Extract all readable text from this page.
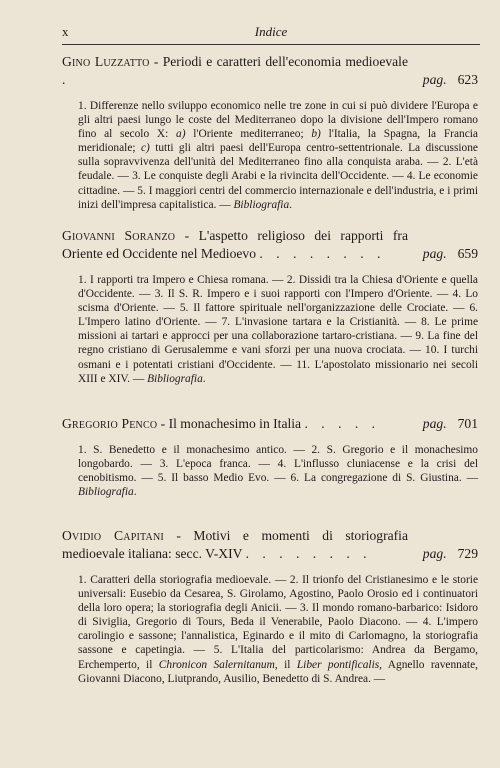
x	Indice
Gino Luzzatto - Periodi e caratteri dell'economia medioevale .	pag. 623
1. Differenze nello sviluppo economico nelle tre zone in cui si può dividere l'Europa e gli altri paesi lungo le coste del Mediterraneo dopo la divisione dell'Impero romano fino al secolo X: a) l'Oriente mediterraneo; b) l'Italia, la Spagna, la Francia meridionale; c) tutti gli altri paesi dell'Europa centro-settentrionale. La discussione sulla sopravvivenza dell'unità del Mediterraneo fino alla conquista araba. — 2. L'età feudale. — 3. Le conquiste degli Arabi e la rivincita dell'Occidente. — 4. Le economie cittadine. — 5. I maggiori centri del commercio internazionale e dell'industria, e i primi inizi dell'impresa capitalistica. — Bibliografia.
Giovanni Soranzo - L'aspetto religioso dei rapporti fra Oriente ed Occidente nel Medioevo . . . . . . . .	pag. 659
1. I rapporti tra Impero e Chiesa romana. — 2. Dissidi tra la Chiesa d'Oriente e quella d'Occidente. — 3. Il S. R. Impero e i suoi rapporti con l'Impero d'Oriente. — 4. Lo scisma d'Oriente. — 5. Il fattore spirituale nell'organizzazione delle Crociate. — 6. L'Impero latino d'Oriente. — 7. L'invasione tartara e la Cristianità. — 8. Le prime missioni ai tartari e approcci per una collaborazione tartaro-cristiana. — 9. La fine del regno cristiano di Gerusalemme e vani sforzi per una nuova crociata. — 10. I turchi osmani e i potentati cristiani d'Occidente. — 11. L'apostolato missionario nei secoli XIII e XIV. — Bibliografia.
Gregorio Penco - Il monachesimo in Italia . . . . .	pag. 701
1. S. Benedetto e il monachesimo antico. — 2. S. Gregorio e il monachesimo longobardo. — 3. L'epoca franca. — 4. L'influsso cluniacense e la crisi del cenobitismo. — 5. Il basso Medio Evo. — 6. La congregazione di S. Giustina. — Bibliografia.
Ovidio Capitani - Motivi e momenti di storiografia medioevale italiana: secc. V-XIV . . . . . . . .	pag. 729
1. Caratteri della storiografia medioevale. — 2. Il trionfo del Cristianesimo e le storie universali: Eusebio da Cesarea, S. Girolamo, Agostino, Paolo Orosio ed i continuatori della loro opera; la storiografia degli Anicii. — 3. Il mondo romano-barbarico: Isidoro di Siviglia, Gregorio di Tours, Beda il Venerabile, Paolo Diacono. — 4. L'impero carolingio e sassone; l'annalistica, Eginardo e il mito di Carlomagno, la storiografia sassone e capetingia. — 5. L'Italia del particolarismo: Andrea da Bergamo, Erchemperto, il Chronicon Salernitanum, il Liber pontificalis, Agnello ravennate, Giovanni Diacono, Liutprando, Ausilio, Benedetto di S. Andrea. —
